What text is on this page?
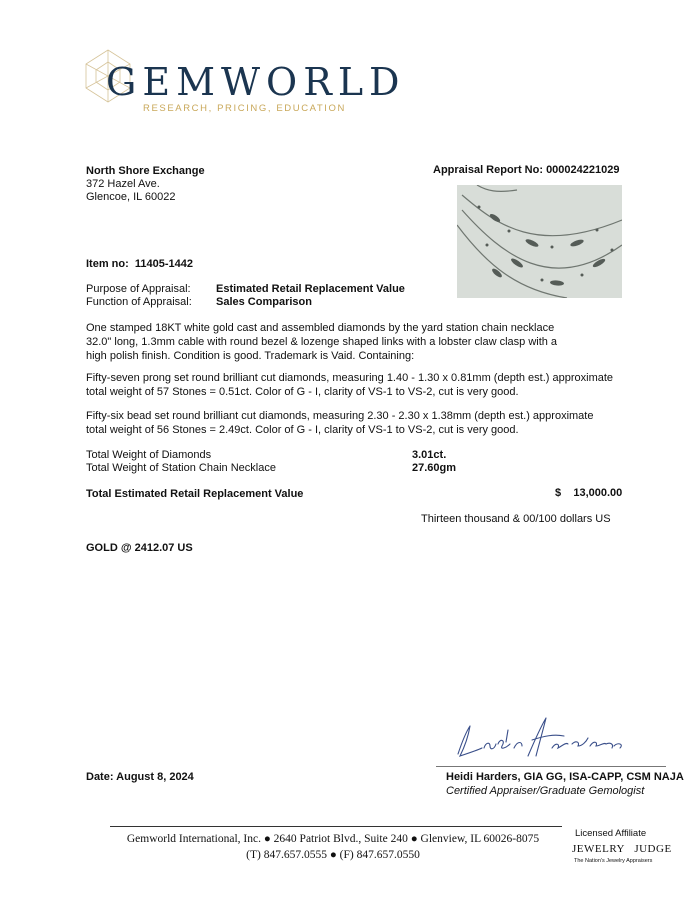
GEMWORLD
RESEARCH, PRICING, EDUCATION
North Shore Exchange
372 Hazel Ave.
Glencoe, IL 60022
Appraisal Report No: 000024221029
Item no: 11405-1442
Purpose of Appraisal: Estimated Retail Replacement Value
Function of Appraisal: Sales Comparison
One stamped 18KT white gold cast and assembled diamonds by the yard station chain necklace
32.0" long, 1.3mm cable with round bezel & lozenge shaped links with a lobster claw clasp with a
high polish finish. Condition is good. Trademark is Vaid. Containing:
Fifty-seven prong set round brilliant cut diamonds, measuring 1.40 - 1.30 x 0.81mm (depth est.) approximate
total weight of 57 Stones = 0.51ct. Color of G - I, clarity of VS-1 to VS-2, cut is very good.
Fifty-six bead set round brilliant cut diamonds, measuring 2.30 - 2.30 x 1.38mm (depth est.) approximate
total weight of 56 Stones = 2.49ct. Color of G - I, clarity of VS-1 to VS-2, cut is very good.
Total Weight of Diamonds	3.01ct.
Total Weight of Station Chain Necklace	27.60gm
Total Estimated Retail Replacement Value	$    13,000.00
Thirteen thousand & 00/100 dollars US
GOLD @ 2412.07 US
Date: August 8, 2024	Heidi Harders, GIA GG, ISA-CAPP, CSM NAJA
Certified Appraiser/Graduate Gemologist
Gemworld International, Inc. ● 2640 Patriot Blvd., Suite 240 ● Glenview, IL 60026-8075
(T) 847.657.0555 ● (F) 847.657.0550
Licensed Affiliate
JEWELRY   JUDGE
The Nation's Jewelry Appraisers
